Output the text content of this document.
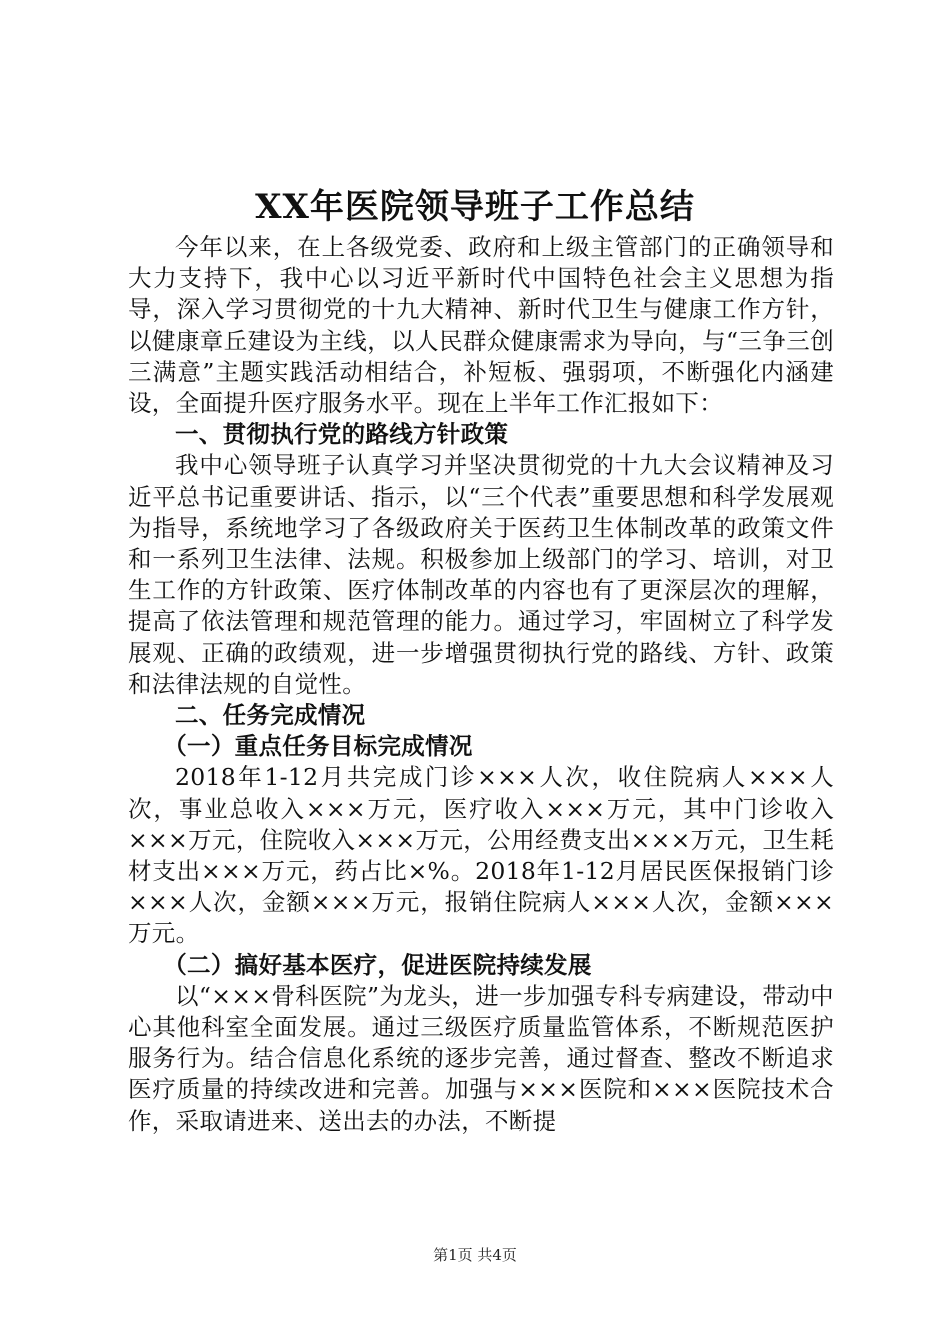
XX年医院领导班子工作总结

今年以来，在上各级党委、政府和上级主管部门的正确领导和大力支持下，我中心以习近平新时代中国特色社会主义思想为指导，深入学习贯彻党的十九大精神、新时代卫生与健康工作方针，以健康章丘建设为主线，以人民群众健康需求为导向，与“三争三创三满意”主题实践活动相结合，补短板、强弱项，不断强化内涵建设，全面提升医疗服务水平。现在上半年工作汇报如下：

一、贯彻执行党的路线方针政策

我中心领导班子认真学习并坚决贯彻党的十九大会议精神及习近平总书记重要讲话、指示，以“三个代表”重要思想和科学发展观为指导，系统地学习了各级政府关于医药卫生体制改革的政策文件和一系列卫生法律、法规。积极参加上级部门的学习、培训，对卫生工作的方针政策、医疗体制改革的内容也有了更深层次的理解，提高了依法管理和规范管理的能力。通过学习，牢固树立了科学发展观、正确的政绩观，进一步增强贯彻执行党的路线、方针、政策和法律法规的自觉性。

二、任务完成情况

（一）重点任务目标完成情况

2018年1-12月共完成门诊×××人次，收住院病人×××人次，事业总收入×××万元，医疗收入×××万元，其中门诊收入×××万元，住院收入×××万元，公用经费支出×××万元，卫生耗材支出×××万元，药占比×%。2018年1-12月居民医保报销门诊×××人次，金额×××万元，报销住院病人×××人次，金额×××万元。

（二）搞好基本医疗，促进医院持续发展

以“×××骨科医院”为龙头，进一步加强专科专病建设，带动中心其他科室全面发展。通过三级医疗质量监管体系，不断规范医护服务行为。结合信息化系统的逐步完善，通过督查、整改不断追求医疗质量的持续改进和完善。加强与×××医院和×××医院技术合作，采取请进来、送出去的办法，不断提

第1页 共4页
